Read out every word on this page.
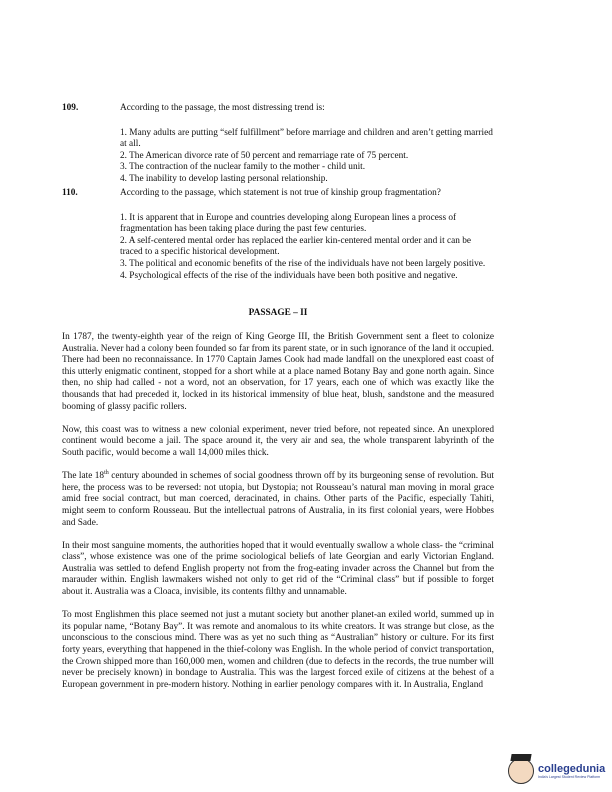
109.	According to the passage, the most distressing trend is:
1. Many adults are putting “self fulfillment” before marriage and children and aren’t getting married at all.
2. The American divorce rate of 50 percent and remarriage rate of 75 percent.
3. The contraction of the nuclear family to the mother - child unit.
4. The inability to develop lasting personal relationship.
110.	According to the passage, which statement is not true of kinship group fragmentation?
1. It is apparent that in Europe and countries developing along European lines a process of fragmentation has been taking place during the past few centuries.
2. A self-centered mental order has replaced the earlier kin-centered mental order and it can be traced to a specific historical development.
3. The political and economic benefits of the rise of the individuals have not been largely positive.
4. Psychological effects of the rise of the individuals have been both positive and negative.
PASSAGE – II

In 1787, the twenty-eighth year of the reign of King George III, the British Government sent a fleet to colonize Australia. Never had a colony been founded so far from its parent state, or in such ignorance of the land it occupied. There had been no reconnaissance. In 1770 Captain James Cook had made landfall on the unexplored east coast of this utterly enigmatic continent, stopped for a short while at a place named Botany Bay and gone north again. Since then, no ship had called - not a word, not an observation, for 17 years, each one of which was exactly like the thousands that had preceded it, locked in its historical immensity of blue heat, blush, sandstone and the measured booming of glassy pacific rollers.

Now, this coast was to witness a new colonial experiment, never tried before, not repeated since. An unexplored continent would become a jail. The space around it, the very air and sea, the whole transparent labyrinth of the South pacific, would become a wall 14,000 miles thick.

The late 18th century abounded in schemes of social goodness thrown off by its burgeoning sense of revolution. But here, the process was to be reversed: not utopia, but Dystopia; not Rousseau’s natural man moving in moral grace amid free social contract, but man coerced, deracinated, in chains. Other parts of the Pacific, especially Tahiti, might seem to conform Rousseau. But the intellectual patrons of Australia, in its first colonial years, were Hobbes and Sade.

In their most sanguine moments, the authorities hoped that it would eventually swallow a whole class- the “criminal class”, whose existence was one of the prime sociological beliefs of late Georgian and early Victorian England. Australia was settled to defend English property not from the frog-eating invader across the Channel but from the marauder within. English lawmakers wished not only to get rid of the “Criminal class” but if possible to forget about it. Australia was a Cloaca, invisible, its contents filthy and unnamable.

To most Englishmen this place seemed not just a mutant society but another planet-an exiled world, summed up in its popular name, “Botany Bay”. It was remote and anomalous to its white creators. It was strange but close, as the unconscious to the conscious mind. There was as yet no such thing as “Australian” history or culture. For its first forty years, everything that happened in the thief-colony was English. In the whole period of convict transportation, the Crown shipped more than 160,000 men, women and children (due to defects in the records, the true number will never be precisely known) in bondage to Australia. This was the largest forced exile of citizens at the behest of a European government in pre-modern history. Nothing in earlier penology compares with it. In Australia, England

collegedunia
India's Largest Student Review Platform
